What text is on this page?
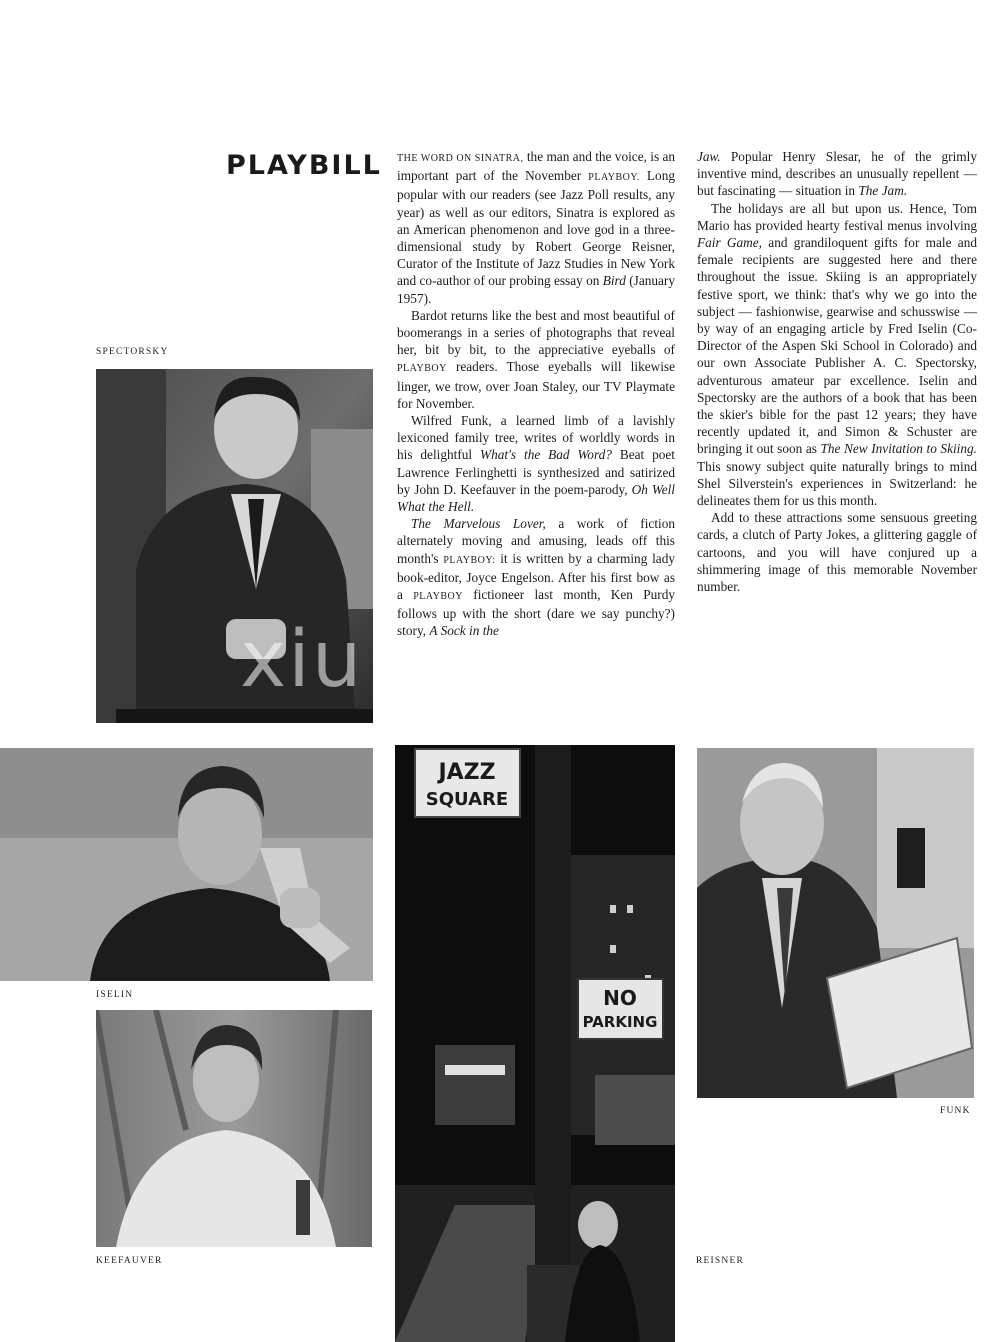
PLAYBILL THE WORD ON SINATRA, the man and the voice, is an important part of the November PLAYBOY. Long popular with our readers (see Jazz Poll results, any year) as well as our editors, Sinatra is explored as an American phenomenon and love god in a three-dimensional study by Robert George Reisner, Curator of the Institute of Jazz Studies in New York and co-author of our probing essay on Bird (January 1957).

Bardot returns like the best and most beautiful of boomerangs in a series of photographs that reveal her, bit by bit, to the appreciative eyeballs of PLAYBOY readers. Those eyeballs will likewise linger, we trow, over Joan Staley, our TV Playmate for November.

Wilfred Funk, a learned limb of a lavishly lexiconed family tree, writes of worldly words in his delightful What's the Bad Word? Beat poet Lawrence Ferlinghetti is synthesized and satirized by John D. Keefauver in the poem-parody, Oh Well What the Hell.

The Marvelous Lover, a work of fiction alternately moving and amusing, leads off this month's PLAYBOY: it is written by a charming lady book-editor, Joyce Engelson. After his first bow as a PLAYBOY fictioneer last month, Ken Purdy follows up with the short (dare we say punchy?) story, A Sock in the

Jaw. Popular Henry Slesar, he of the grimly inventive mind, describes an unusually repellent — but fascinating — situation in The Jam.

The holidays are all but upon us. Hence, Tom Mario has provided hearty festival menus involving Fair Game, and grandiloquent gifts for male and female recipients are suggested here and there throughout the issue. Skiing is an appropriately festive sport, we think: that's why we go into the subject — fashionwise, gearwise and schusswise — by way of an engaging article by Fred Iselin (Co-Director of the Aspen Ski School in Colorado) and our own Associate Publisher A. C. Spectorsky, adventurous amateur par excellence. Iselin and Spectorsky are the authors of a book that has been the skier's bible for the past 12 years; they have recently updated it, and Simon & Schuster are bringing it out soon as The New Invitation to Skiing. This snowy subject quite naturally brings to mind Shel Silverstein's experiences in Switzerland: he delineates them for us this month.

Add to these attractions some sensuous greeting cards, a clutch of Party Jokes, a glittering gaggle of cartoons, and you will have conjured up a shimmering image of this memorable November number.

SPECTORSKY
ISELIN
KEEFAUVER
JAZZ
SQUARE
NO
PARKING
REISNER
FUNK
xiu
